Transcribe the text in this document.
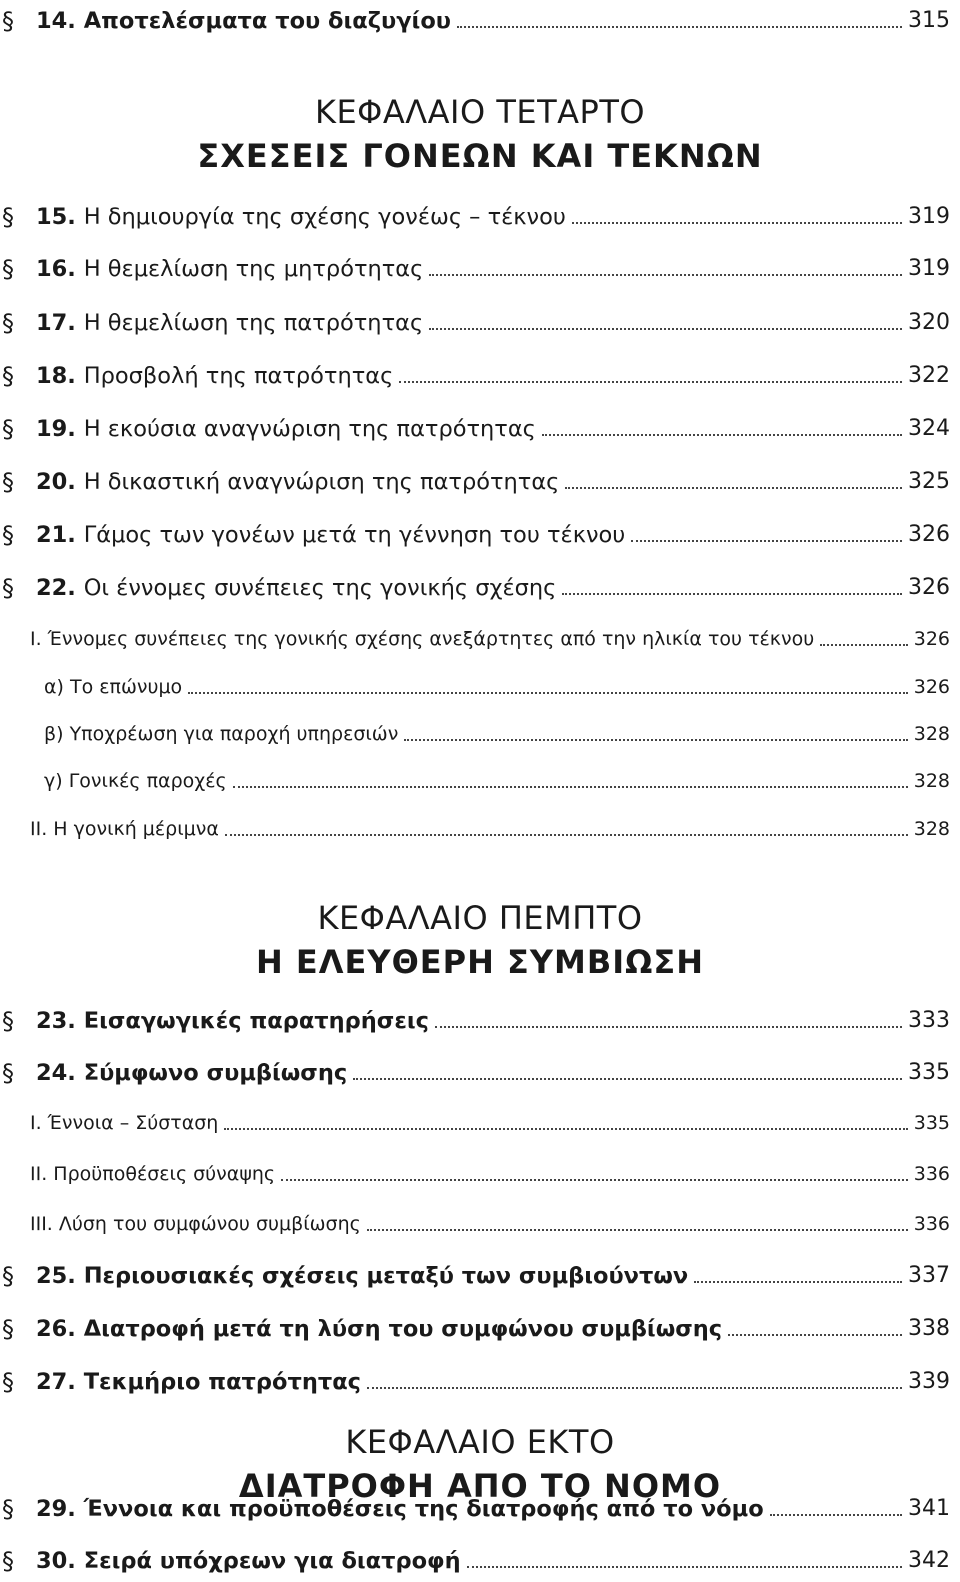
§ 14. Αποτελέσματα του διαζυγίου	315
ΚΕΦΑΛΑΙΟ ΤΕΤΑΡΤΟ
ΣΧΕΣΕΙΣ ΓΟΝΕΩΝ ΚΑΙ ΤΕΚΝΩΝ
§ 15. Η δημιουργία της σχέσης γονέως – τέκνου	319
§ 16. Η θεμελίωση της μητρότητας	319
§ 17. Η θεμελίωση της πατρότητας	320
§ 18. Προσβολή της πατρότητας	322
§ 19. Η εκούσια αναγνώριση της πατρότητας	324
§ 20. Η δικαστική αναγνώριση της πατρότητας	325
§ 21. Γάμος των γονέων μετά τη γέννηση του τέκνου	326
§ 22. Οι έννομες συνέπειες της γονικής σχέσης	326
Ι. Έννομες συνέπειες της γονικής σχέσης ανεξάρτητες από την ηλικία του τέκνου	326
α) Το επώνυμο	326
β) Υποχρέωση για παροχή υπηρεσιών	328
γ) Γονικές παροχές	328
ΙΙ. Η γονική μέριμνα	328
ΚΕΦΑΛΑΙΟ ΠΕΜΠΤΟ
Η ΕΛΕΥΘΕΡΗ ΣΥΜΒΙΩΣΗ
§ 23. Εισαγωγικές παρατηρήσεις	333
§ 24. Σύμφωνο συμβίωσης	335
Ι. Έννοια – Σύσταση	335
ΙΙ. Προϋποθέσεις σύναψης	336
ΙΙΙ. Λύση του συμφώνου συμβίωσης	336
§ 25. Περιουσιακές σχέσεις μεταξύ των συμβιούντων	337
§ 26. Διατροφή μετά τη λύση του συμφώνου συμβίωσης	338
§ 27. Τεκμήριο πατρότητας	339
ΚΕΦΑΛΑΙΟ ΕΚΤΟ
ΔΙΑΤΡΟΦΗ ΑΠΟ ΤΟ ΝΟΜΟ
§ 29. Έννοια και προϋποθέσεις της διατροφής από το νόμο	341
§ 30. Σειρά υπόχρεων για διατροφή	342
